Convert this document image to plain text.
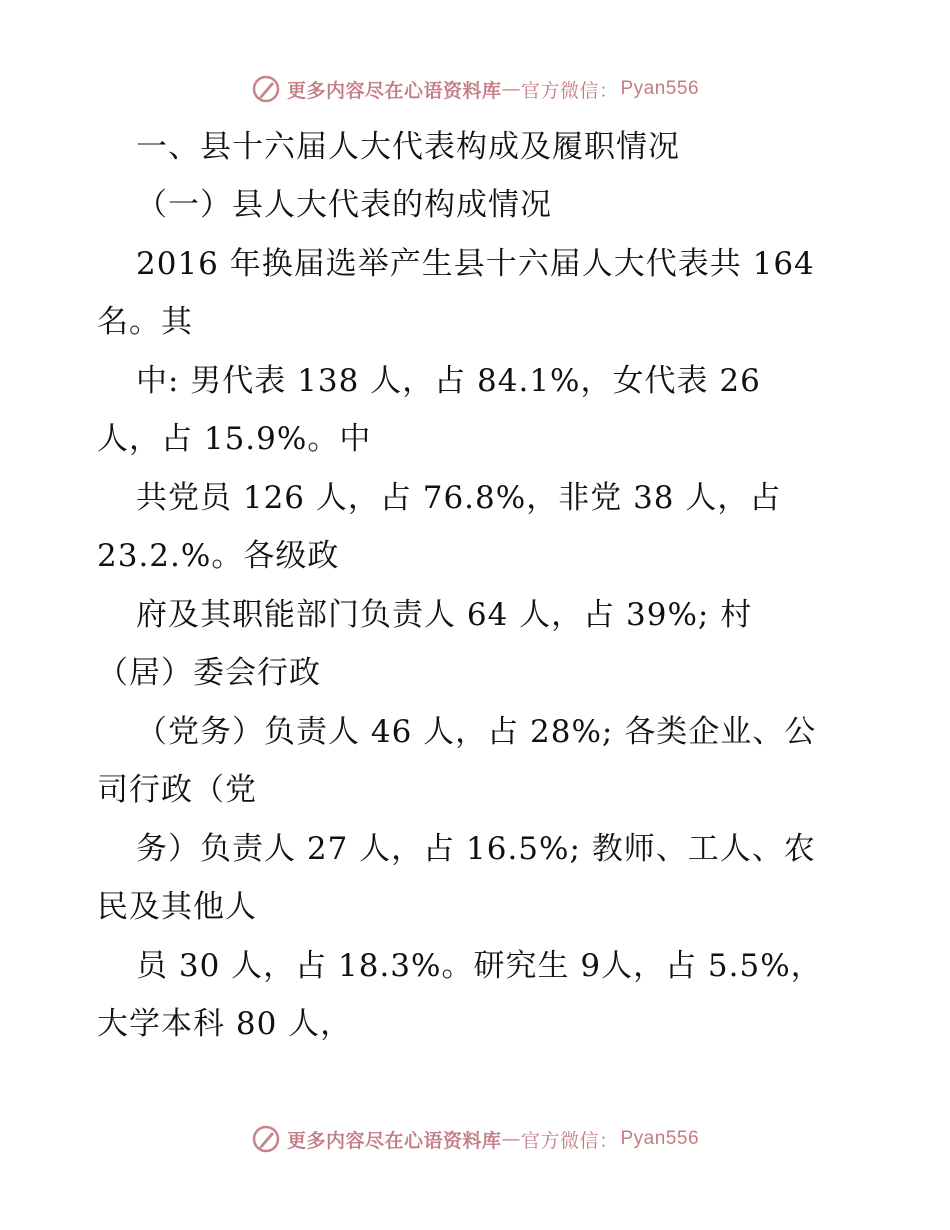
更多内容尽在心语资料库 — 官方微信： Pyan556
一、县十六届人大代表构成及履职情况
（一）县人大代表的构成情况
2016 年换届选举产生县十六届人大代表共 164
名。其
中: 男代表 138 人，占 84.1%，女代表 26
人，占 15.9%。中
共党员 126 人，占 76.8%，非党 38 人，占
23.2.%。各级政
府及其职能部门负责人 64 人，占 39%; 村
（居）委会行政
（党务）负责人 46 人，占 28%; 各类企业、公
司行政（党
务）负责人 27 人，占 16.5%; 教师、工人、农
民及其他人
员 30 人，占 18.3%。研究生 9人，占 5.5%，
大学本科 80 人，
更多内容尽在心语资料库 — 官方微信： Pyan556
